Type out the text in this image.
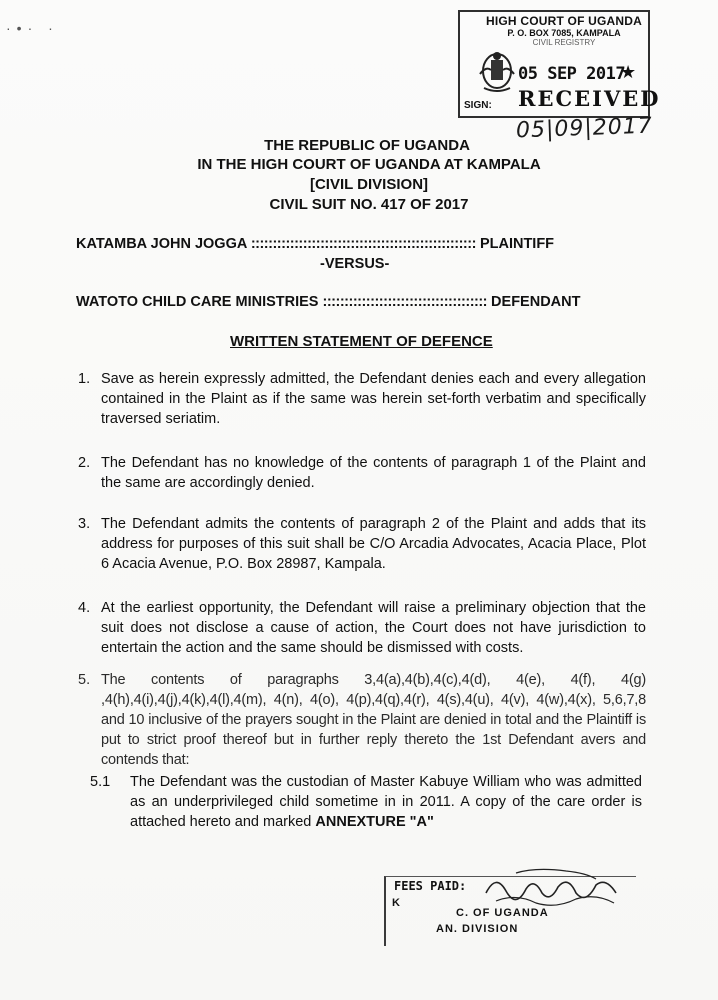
·•· ·	HIGH COURT OF UGANDA
P. O. BOX 7085, KAMPALA
CIVIL REGISTRY
05 SEP 2017
★
RECEIVED
SIGN:
05|09|2017
THE REPUBLIC OF UGANDA
IN THE HIGH COURT OF UGANDA AT KAMPALA
[CIVIL DIVISION]
CIVIL SUIT NO. 417 OF 2017
KATAMBA JOHN JOGGA :::::::::::::::::::::::::::::::::::::::::::::::::::: PLAINTIFF
-VERSUS-
WATOTO CHILD CARE MINISTRIES :::::::::::::::::::::::::::::::::::::: DEFENDANT
WRITTEN STATEMENT OF DEFENCE
1. Save as herein expressly admitted, the Defendant denies each and every allegation contained in the Plaint as if the same was herein set-forth verbatim and specifically traversed seriatim.
2. The Defendant has no knowledge of the contents of paragraph 1 of the Plaint and the same are accordingly denied.
3. The Defendant admits the contents of paragraph 2 of the Plaint and adds that its address for purposes of this suit shall be C/O Arcadia Advocates, Acacia Place, Plot 6 Acacia Avenue, P.O. Box 28987, Kampala.
4. At the earliest opportunity, the Defendant will raise a preliminary objection that the suit does not disclose a cause of action, the Court does not have jurisdiction to entertain the action and the same should be dismissed with costs.
5. The contents of paragraphs 3,4(a),4(b),4(c),4(d), 4(e), 4(f), 4(g) ,4(h),4(i),4(j),4(k),4(l),4(m), 4(n), 4(o), 4(p),4(q),4(r), 4(s),4(u), 4(v), 4(w),4(x), 5,6,7,8 and 10 inclusive of the prayers sought in the Plaint are denied in total and the Plaintiff is put to strict proof thereof but in further reply thereto the 1st Defendant avers and contends that:
5.1 The Defendant was the custodian of Master Kabuye William who was admitted as an underprivileged child sometime in in 2011. A copy of the care order is attached hereto and marked ANNEXTURE "A"
FEES PAID:
K
C. OF UGANDA
AN. DIVISION
